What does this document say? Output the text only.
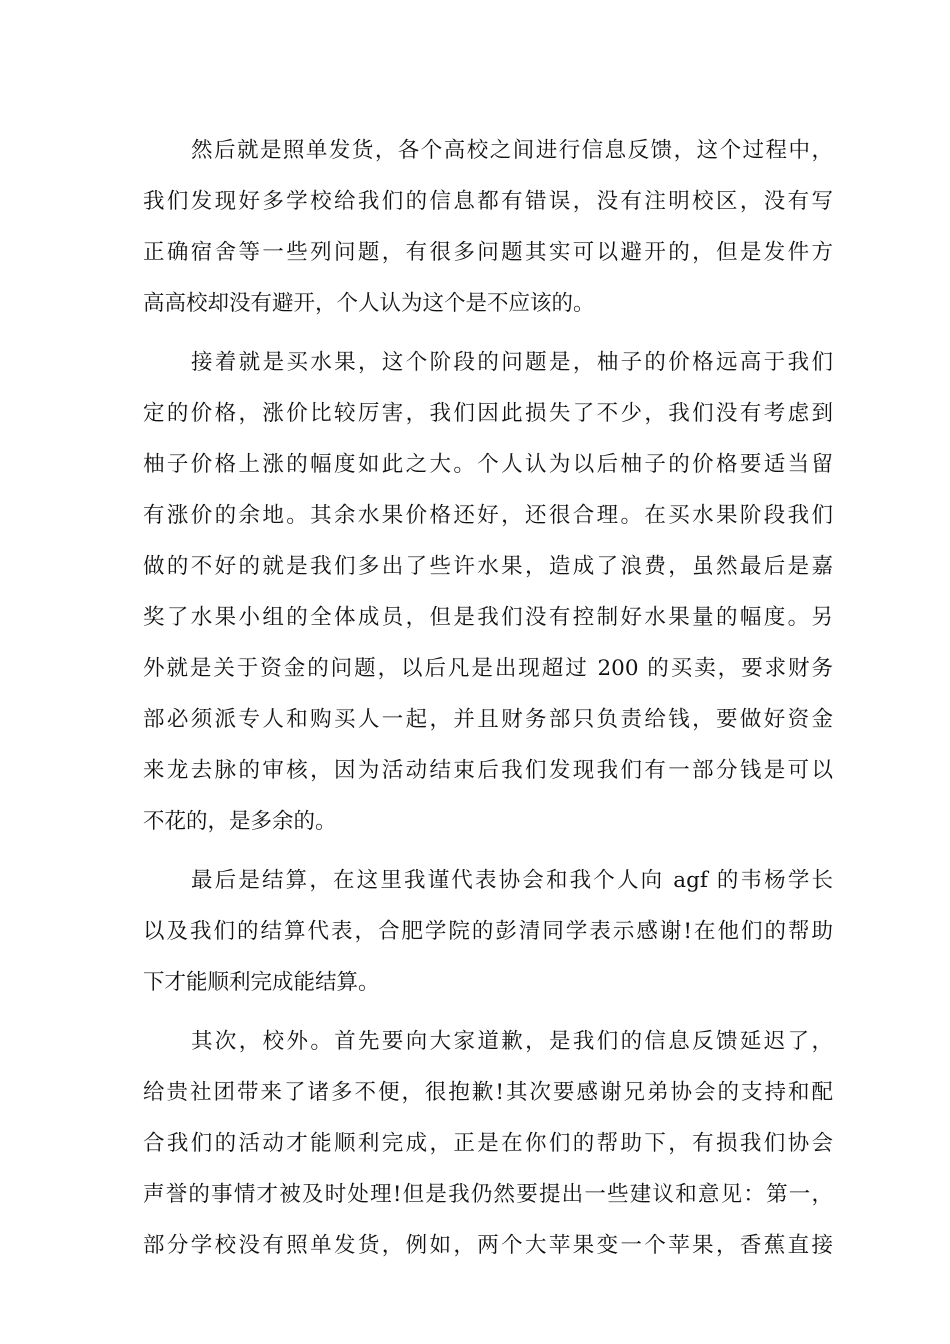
然后就是照单发货，各个高校之间进行信息反馈，这个过程中，
我们发现好多学校给我们的信息都有错误，没有注明校区，没有写
正确宿舍等一些列问题，有很多问题其实可以避开的，但是发件方
高高校却没有避开，个人认为这个是不应该的。
接着就是买水果，这个阶段的问题是，柚子的价格远高于我们
定的价格，涨价比较厉害，我们因此损失了不少，我们没有考虑到
柚子价格上涨的幅度如此之大。个人认为以后柚子的价格要适当留
有涨价的余地。其余水果价格还好，还很合理。在买水果阶段我们
做的不好的就是我们多出了些许水果，造成了浪费，虽然最后是嘉
奖了水果小组的全体成员，但是我们没有控制好水果量的幅度。另
外就是关于资金的问题，以后凡是出现超过 200 的买卖，要求财务
部必须派专人和购买人一起，并且财务部只负责给钱，要做好资金
来龙去脉的审核，因为活动结束后我们发现我们有一部分钱是可以
不花的，是多余的。
最后是结算，在这里我谨代表协会和我个人向 agf 的韦杨学长
以及我们的结算代表，合肥学院的彭清同学表示感谢!在他们的帮助
下才能顺利完成能结算。
其次，校外。首先要向大家道歉，是我们的信息反馈延迟了，
给贵社团带来了诸多不便，很抱歉!其次要感谢兄弟协会的支持和配
合我们的活动才能顺利完成，正是在你们的帮助下，有损我们协会
声誉的事情才被及时处理!但是我仍然要提出一些建议和意见：第一，
部分学校没有照单发货，例如，两个大苹果变一个苹果，香蕉直接
